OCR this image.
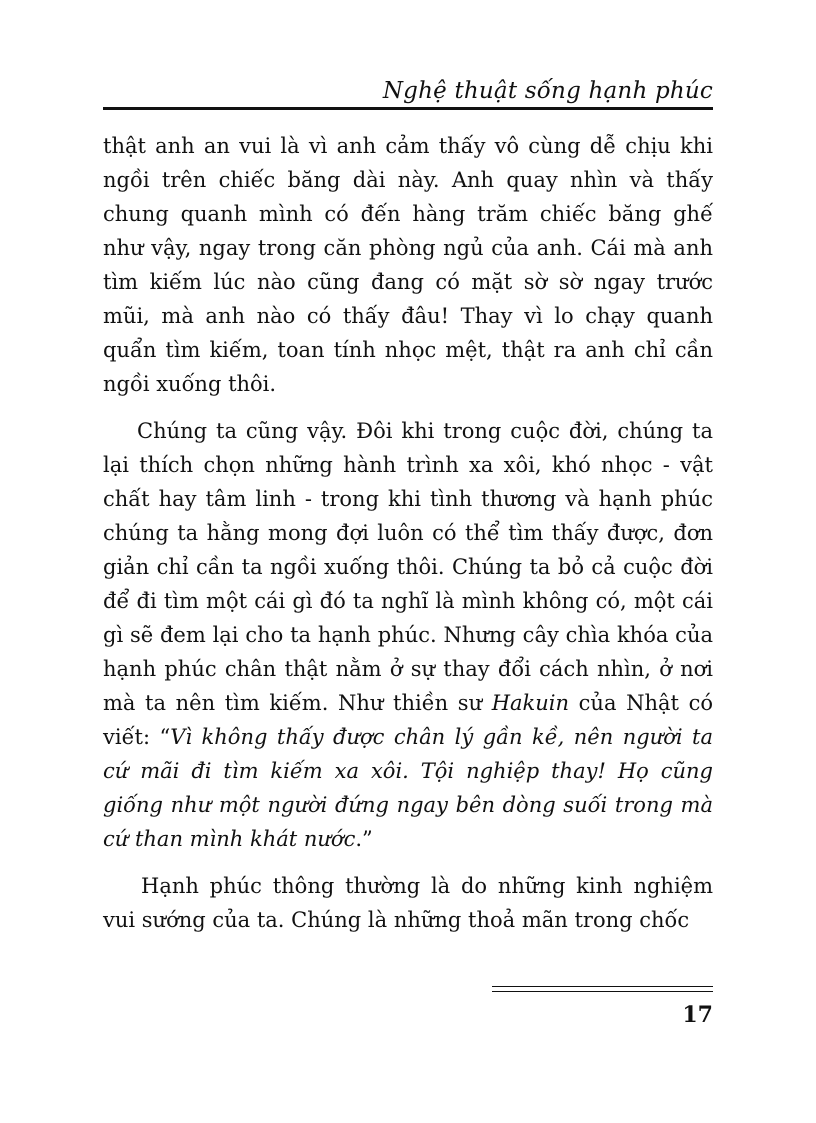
Nghệ thuật sống hạnh phúc

thật anh an vui là vì anh cảm thấy vô cùng dễ chịu khi ngồi trên chiếc băng dài này. Anh quay nhìn và thấy chung quanh mình có đến hàng trăm chiếc băng ghế như vậy, ngay trong căn phòng ngủ của anh. Cái mà anh tìm kiếm lúc nào cũng đang có mặt sờ sờ ngay trước mũi, mà anh nào có thấy đâu! Thay vì lo chạy quanh quẩn tìm kiếm, toan tính nhọc mệt, thật ra anh chỉ cần ngồi xuống thôi.

Chúng ta cũng vậy. Đôi khi trong cuộc đời, chúng ta lại thích chọn những hành trình xa xôi, khó nhọc - vật chất hay tâm linh - trong khi tình thương và hạnh phúc chúng ta hằng mong đợi luôn có thể tìm thấy được, đơn giản chỉ cần ta ngồi xuống thôi. Chúng ta bỏ cả cuộc đời để đi tìm một cái gì đó ta nghĩ là mình không có, một cái gì sẽ đem lại cho ta hạnh phúc. Nhưng cây chìa khóa của hạnh phúc chân thật nằm ở sự thay đổi cách nhìn, ở nơi mà ta nên tìm kiếm. Như thiền sư Hakuin của Nhật có viết: “Vì không thấy được chân lý gần kề, nên người ta cứ mãi đi tìm kiếm xa xôi. Tội nghiệp thay! Họ cũng giống như một người đứng ngay bên dòng suối trong mà cứ than mình khát nước.”

Hạnh phúc thông thường là do những kinh nghiệm vui sướng của ta. Chúng là những thoả mãn trong chốc

17
